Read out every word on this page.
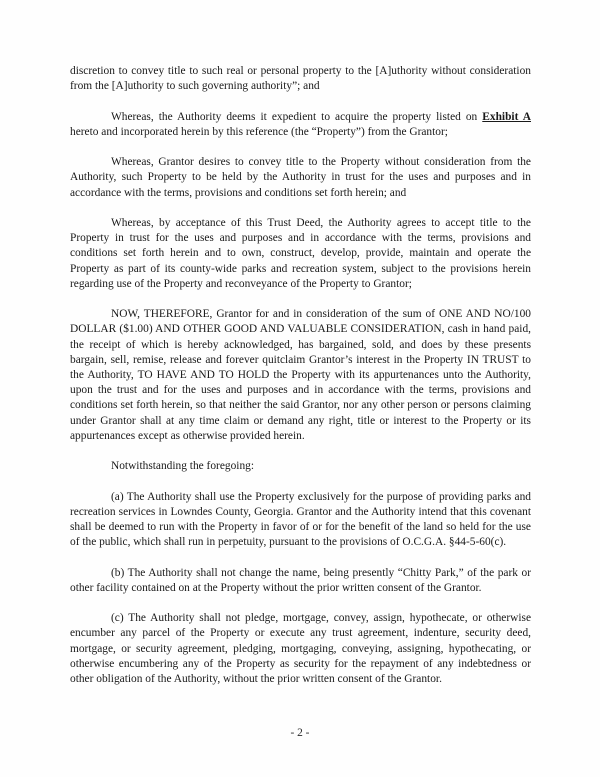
discretion to convey title to such real or personal property to the [A]uthority without consideration from the [A]uthority to such governing authority”; and

Whereas, the Authority deems it expedient to acquire the property listed on Exhibit A hereto and incorporated herein by this reference (the “Property”) from the Grantor;

Whereas, Grantor desires to convey title to the Property without consideration from the Authority, such Property to be held by the Authority in trust for the uses and purposes and in accordance with the terms, provisions and conditions set forth herein; and

Whereas, by acceptance of this Trust Deed, the Authority agrees to accept title to the Property in trust for the uses and purposes and in accordance with the terms, provisions and conditions set forth herein and to own, construct, develop, provide, maintain and operate the Property as part of its county-wide parks and recreation system, subject to the provisions herein regarding use of the Property and reconveyance of the Property to Grantor;

NOW, THEREFORE, Grantor for and in consideration of the sum of ONE AND NO/100 DOLLAR ($1.00) AND OTHER GOOD AND VALUABLE CONSIDERATION, cash in hand paid, the receipt of which is hereby acknowledged, has bargained, sold, and does by these presents bargain, sell, remise, release and forever quitclaim Grantor’s interest in the Property IN TRUST to the Authority, TO HAVE AND TO HOLD the Property with its appurtenances unto the Authority, upon the trust and for the uses and purposes and in accordance with the terms, provisions and conditions set forth herein, so that neither the said Grantor, nor any other person or persons claiming under Grantor shall at any time claim or demand any right, title or interest to the Property or its appurtenances except as otherwise provided herein.

Notwithstanding the foregoing:

(a) The Authority shall use the Property exclusively for the purpose of providing parks and recreation services in Lowndes County, Georgia. Grantor and the Authority intend that this covenant shall be deemed to run with the Property in favor of or for the benefit of the land so held for the use of the public, which shall run in perpetuity, pursuant to the provisions of O.C.G.A. §44-5-60(c).

(b) The Authority shall not change the name, being presently “Chitty Park,” of the park or other facility contained on at the Property without the prior written consent of the Grantor.

(c) The Authority shall not pledge, mortgage, convey, assign, hypothecate, or otherwise encumber any parcel of the Property or execute any trust agreement, indenture, security deed, mortgage, or security agreement, pledging, mortgaging, conveying, assigning, hypothecating, or otherwise encumbering any of the Property as security for the repayment of any indebtedness or other obligation of the Authority, without the prior written consent of the Grantor.

- 2 -
